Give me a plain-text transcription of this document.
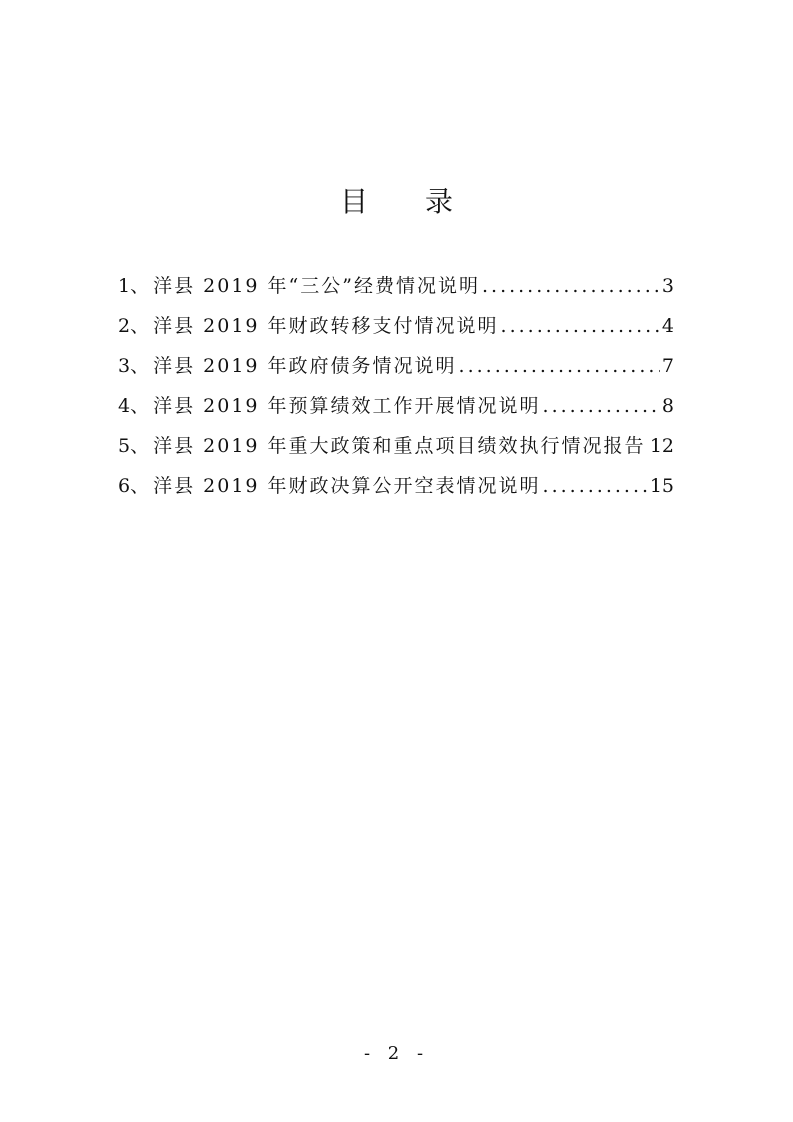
目 录
1 、 洋县 2019 年“三公”经费情况说明 .....	3
2 、 洋县 2019 年财政转移支付情况说明 .....	4
3 、 洋县 2019 年政府债务情况说明 .....	7
4 、 洋县 2019 年预算绩效工作开展情况说明 .....	8
5 、 洋县 2019 年重大政策和重点项目绩效执行情况报告 ..... 12
6 、 洋县 2019 年财政决算公开空表情况说明 .....	15
- 2 -
